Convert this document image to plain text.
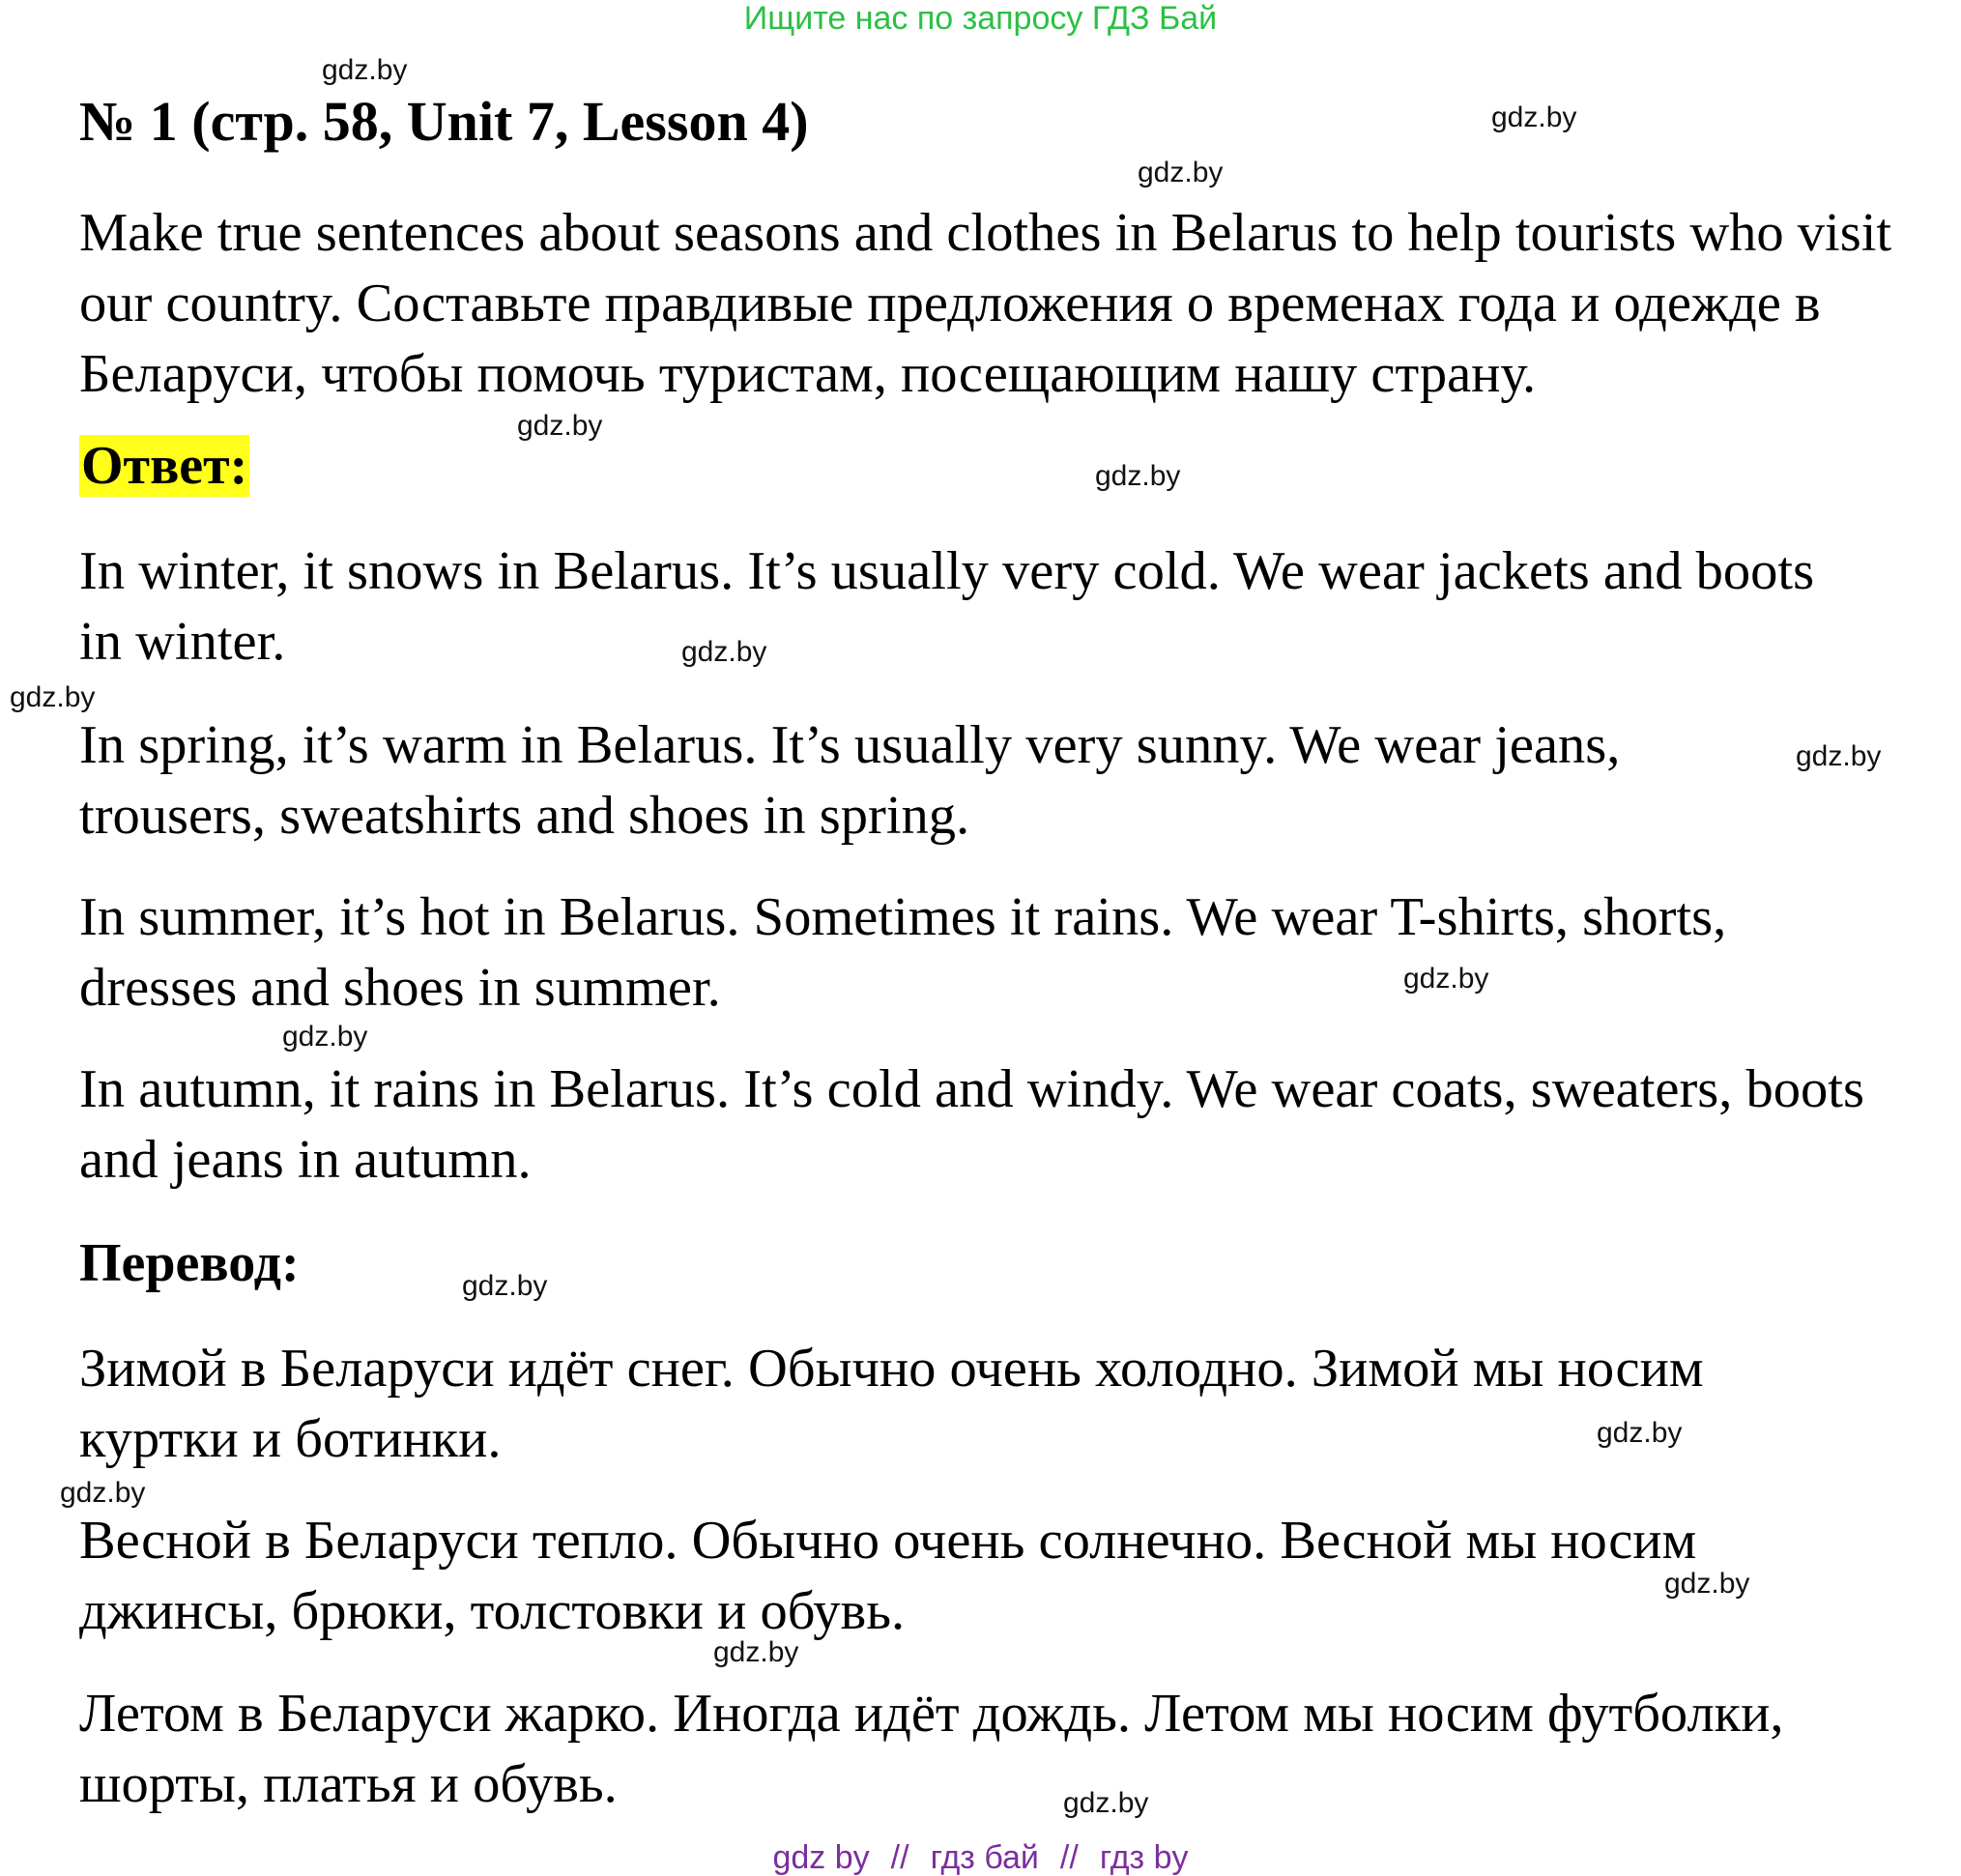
Ищите нас по запросу ГДЗ Бай
№ 1 (стр. 58, Unit 7, Lesson 4)

Make true sentences about seasons and clothes in Belarus to help tourists who visit our country. Составьте правдивые предложения о временах года и одежде в Беларуси, чтобы помочь туристам, посещающим нашу страну.

Ответ:

In winter, it snows in Belarus. It’s usually very cold. We wear jackets and boots in winter.

In spring, it’s warm in Belarus. It’s usually very sunny. We wear jeans, trousers, sweatshirts and shoes in spring.

In summer, it’s hot in Belarus. Sometimes it rains. We wear T-shirts, shorts, dresses and shoes in summer.

In autumn, it rains in Belarus. It’s cold and windy. We wear coats, sweaters, boots and jeans in autumn.

Перевод:

Зимой в Беларуси идёт снег. Обычно очень холодно. Зимой мы носим куртки и ботинки.

Весной в Беларуси тепло. Обычно очень солнечно. Весной мы носим джинсы, брюки, толстовки и обувь.

Летом в Беларуси жарко. Иногда идёт дождь. Летом мы носим футболки, шорты, платья и обувь.

gdz.by
gdz.by
gdz.by
gdz.by
gdz.by
gdz.by
gdz.by
gdz.by
gdz.by
gdz.by
gdz.by
gdz.by
gdz.by
gdz.by
gdz.by
gdz.by
gdz by // гдз бай // гдз by
